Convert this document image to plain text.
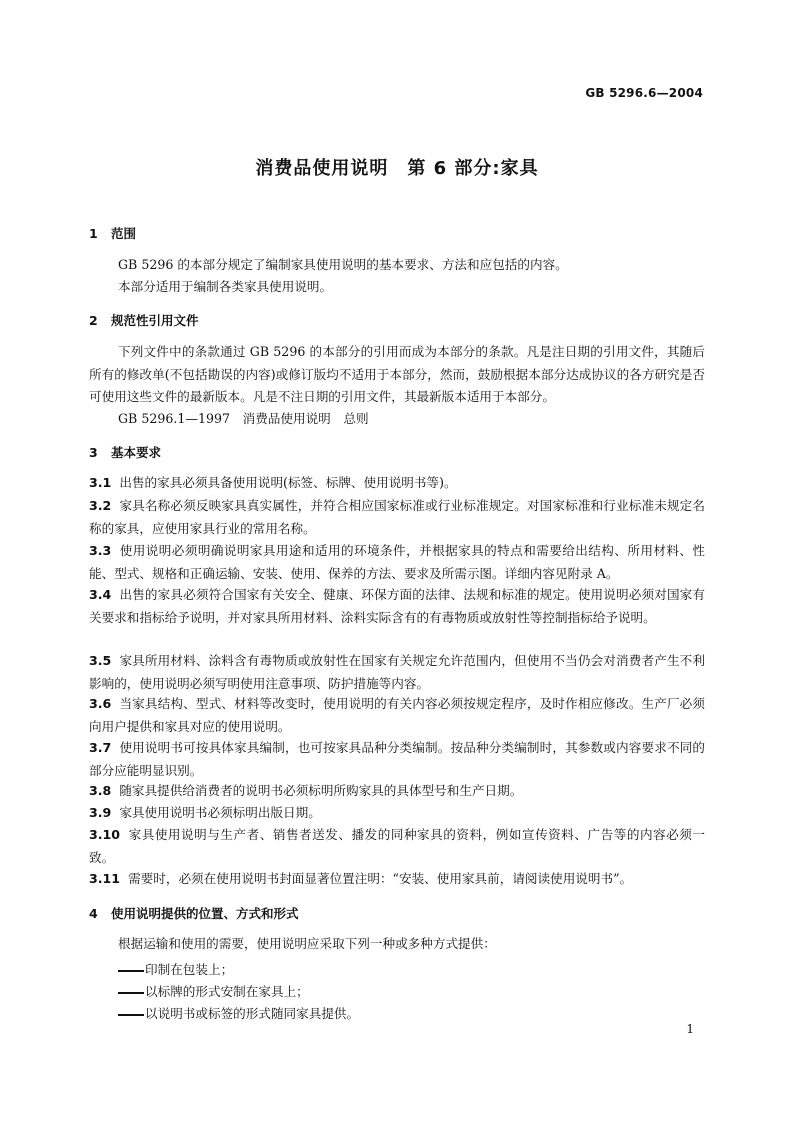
GB 5296.6—2004
消费品使用说明　第 6 部分:家具
1 范围
GB 5296 的本部分规定了编制家具使用说明的基本要求、方法和应包括的内容。
本部分适用于编制各类家具使用说明。
2 规范性引用文件
下列文件中的条款通过 GB 5296 的本部分的引用而成为本部分的条款。凡是注日期的引用文件，其随后所有的修改单(不包括勘误的内容)或修订版均不适用于本部分，然而，鼓励根据本部分达成协议的各方研究是否可使用这些文件的最新版本。凡是不注日期的引用文件，其最新版本适用于本部分。
GB 5296.1—1997　消费品使用说明　总则
3 基本要求
3.1 出售的家具必须具备使用说明(标签、标牌、使用说明书等)。
3.2 家具名称必须反映家具真实属性，并符合相应国家标准或行业标准规定。对国家标准和行业标准未规定名称的家具，应使用家具行业的常用名称。
3.3 使用说明必须明确说明家具用途和适用的环境条件，并根据家具的特点和需要给出结构、所用材料、性能、型式、规格和正确运输、安装、使用、保养的方法、要求及所需示图。详细内容见附录 A。
3.4 出售的家具必须符合国家有关安全、健康、环保方面的法律、法规和标准的规定。使用说明必须对国家有关要求和指标给予说明，并对家具所用材料、涂料实际含有的有毒物质或放射性等控制指标给予说明。
3.5 家具所用材料、涂料含有毒物质或放射性在国家有关规定允许范围内，但使用不当仍会对消费者产生不利影响的，使用说明必须写明使用注意事项、防护措施等内容。
3.6 当家具结构、型式、材料等改变时，使用说明的有关内容必须按规定程序，及时作相应修改。生产厂必须向用户提供和家具对应的使用说明。
3.7 使用说明书可按具体家具编制，也可按家具品种分类编制。按品种分类编制时，其参数或内容要求不同的部分应能明显识别。
3.8 随家具提供给消费者的说明书必须标明所购家具的具体型号和生产日期。
3.9 家具使用说明书必须标明出版日期。
3.10 家具使用说明与生产者、销售者送发、播发的同种家具的资料，例如宣传资料、广告等的内容必须一致。
3.11 需要时，必须在使用说明书封面显著位置注明：“安装、使用家具前，请阅读使用说明书”。
4 使用说明提供的位置、方式和形式
根据运输和使用的需要，使用说明应采取下列一种或多种方式提供：
印制在包装上；
以标牌的形式安制在家具上；
以说明书或标签的形式随同家具提供。
1
